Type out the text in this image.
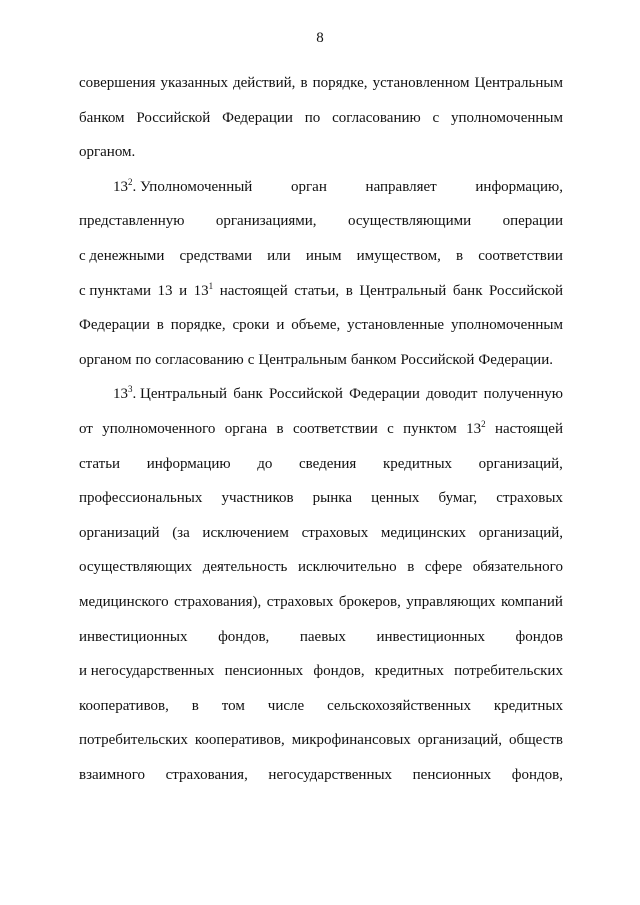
8
совершения указанных действий, в порядке, установленном Центральным
банком Российской Федерации по согласованию с уполномоченным
органом.
$13^2$. Уполномоченный	орган	направляет	информацию,
представленную организациями, осуществляющими операции
с денежными средствами или иным имуществом, в соответствии
с пунктами 13 и $13^1$ настоящей статьи, в Центральный банк Российской
Федерации в порядке, сроки и объеме, установленные уполномоченным
органом по согласованию с Центральным банком Российской Федерации.
$13^3$. Центральный банк Российской Федерации доводит полученную
от уполномоченного органа в соответствии с пунктом $13^2$ настоящей
статьи информацию до сведения кредитных организаций,
профессиональных участников рынка ценных бумаг, страховых
организаций (за исключением страховых медицинских организаций,
осуществляющих деятельность исключительно в сфере обязательного
медицинского страхования), страховых брокеров, управляющих компаний
инвестиционных фондов, паевых инвестиционных фондов
и негосударственных пенсионных фондов, кредитных потребительских
кооперативов, в том числе сельскохозяйственных кредитных
потребительских кооперативов, микрофинансовых организаций, обществ
взаимного страхования, негосударственных пенсионных фондов,
